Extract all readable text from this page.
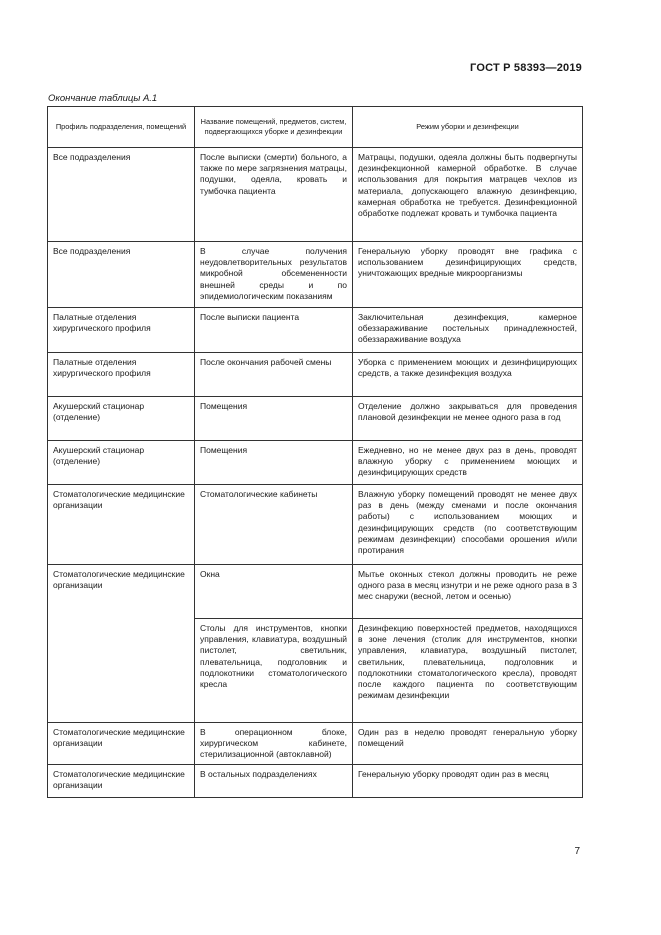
ГОСТ Р 58393—2019
Окончание таблицы А.1
Профиль подразделения, помещений	Название помещений, предметов, систем, подвергающихся уборке и дезинфекции	Режим уборки и дезинфекции
Все подразделения	После выписки (смерти) больного, а также по мере загрязнения матрацы, подушки, одеяла, кровать и тумбочка пациента	Матрацы, подушки, одеяла должны быть подвергнуты дезинфекционной камерной обработке. В случае использования для покрытия матрацев чехлов из материала, допускающего влажную дезинфекцию, камерная обработка не требуется. Дезинфекционной обработке подлежат кровать и тумбочка пациента
Все подразделения	В случае получения неудовлетворительных результатов микробной обсемененности внешней среды и по эпидемиологическим показаниям	Генеральную уборку проводят вне графика с использованием дезинфицирующих средств, уничтожающих вредные микроорганизмы
Палатные отделения хирургического профиля	После выписки пациента	Заключительная дезинфекция, камерное обеззараживание постельных принадлежностей, обеззараживание воздуха
Палатные отделения хирургического профиля	После окончания рабочей смены	Уборка с применением моющих и дезинфицирующих средств, а также дезинфекция воздуха
Акушерский стационар (отделение)	Помещения	Отделение должно закрываться для проведения плановой дезинфекции не менее одного раза в год
Акушерский стационар (отделение)	Помещения	Ежедневно, но не менее двух раз в день, проводят влажную уборку с применением моющих и дезинфицирующих средств
Стоматологические медицинские организации	Стоматологические кабинеты	Влажную уборку помещений проводят не менее двух раз в день (между сменами и после окончания работы) с использованием моющих и дезинфицирующих средств (по соответствующим режимам дезинфекции) способами орошения и/или протирания
Стоматологические медицинские организации	Окна	Мытье оконных стекол должны проводить не реже одного раза в месяц изнутри и не реже одного раза в 3 мес снаружи (весной, летом и осенью)
	Столы для инструментов, кнопки управления, клавиатура, воздушный пистолет, светильник, плевательница, подголовник и подлокотники стоматологического кресла	Дезинфекцию поверхностей предметов, находящихся в зоне лечения (столик для инструментов, кнопки управления, клавиатура, воздушный пистолет, светильник, плевательница, подголовник и подлокотники стоматологического кресла), проводят после каждого пациента по соответствующим режимам дезинфекции
Стоматологические медицинские организации	В операционном блоке, хирургическом кабинете, стерилизационной (автоклавной)	Один раз в неделю проводят генеральную уборку помещений
Стоматологические медицинские организации	В остальных подразделениях	Генеральную уборку проводят один раз в месяц
7
